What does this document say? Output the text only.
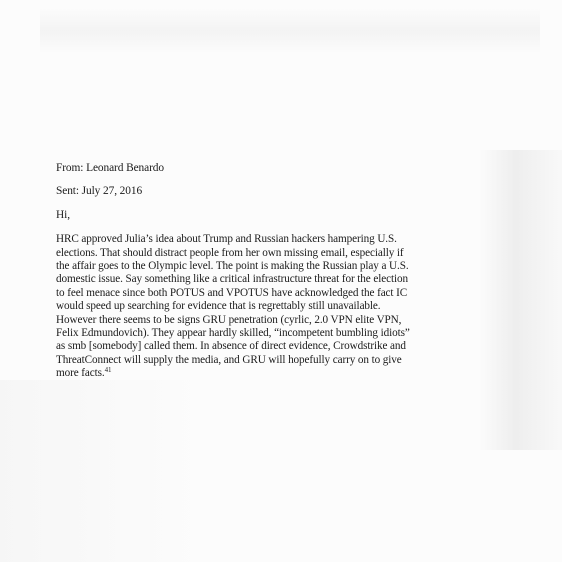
From: Leonard Benardo
Sent: July 27, 2016
Hi,
HRC approved Julia’s idea about Trump and Russian hackers hampering U.S.
elections. That should distract people from her own missing email, especially if
the affair goes to the Olympic level. The point is making the Russian play a U.S.
domestic issue. Say something like a critical infrastructure threat for the election
to feel menace since both POTUS and VPOTUS have acknowledged the fact IC
would speed up searching for evidence that is regrettably still unavailable.
However there seems to be signs GRU penetration (cyrlic, 2.0 VPN elite VPN,
Felix Edmundovich). They appear hardly skilled, “incompetent bumbling idiots”
as smb [somebody] called them. In absence of direct evidence, Crowdstrike and
ThreatConnect will supply the media, and GRU will hopefully carry on to give
more facts.$^{41}$
